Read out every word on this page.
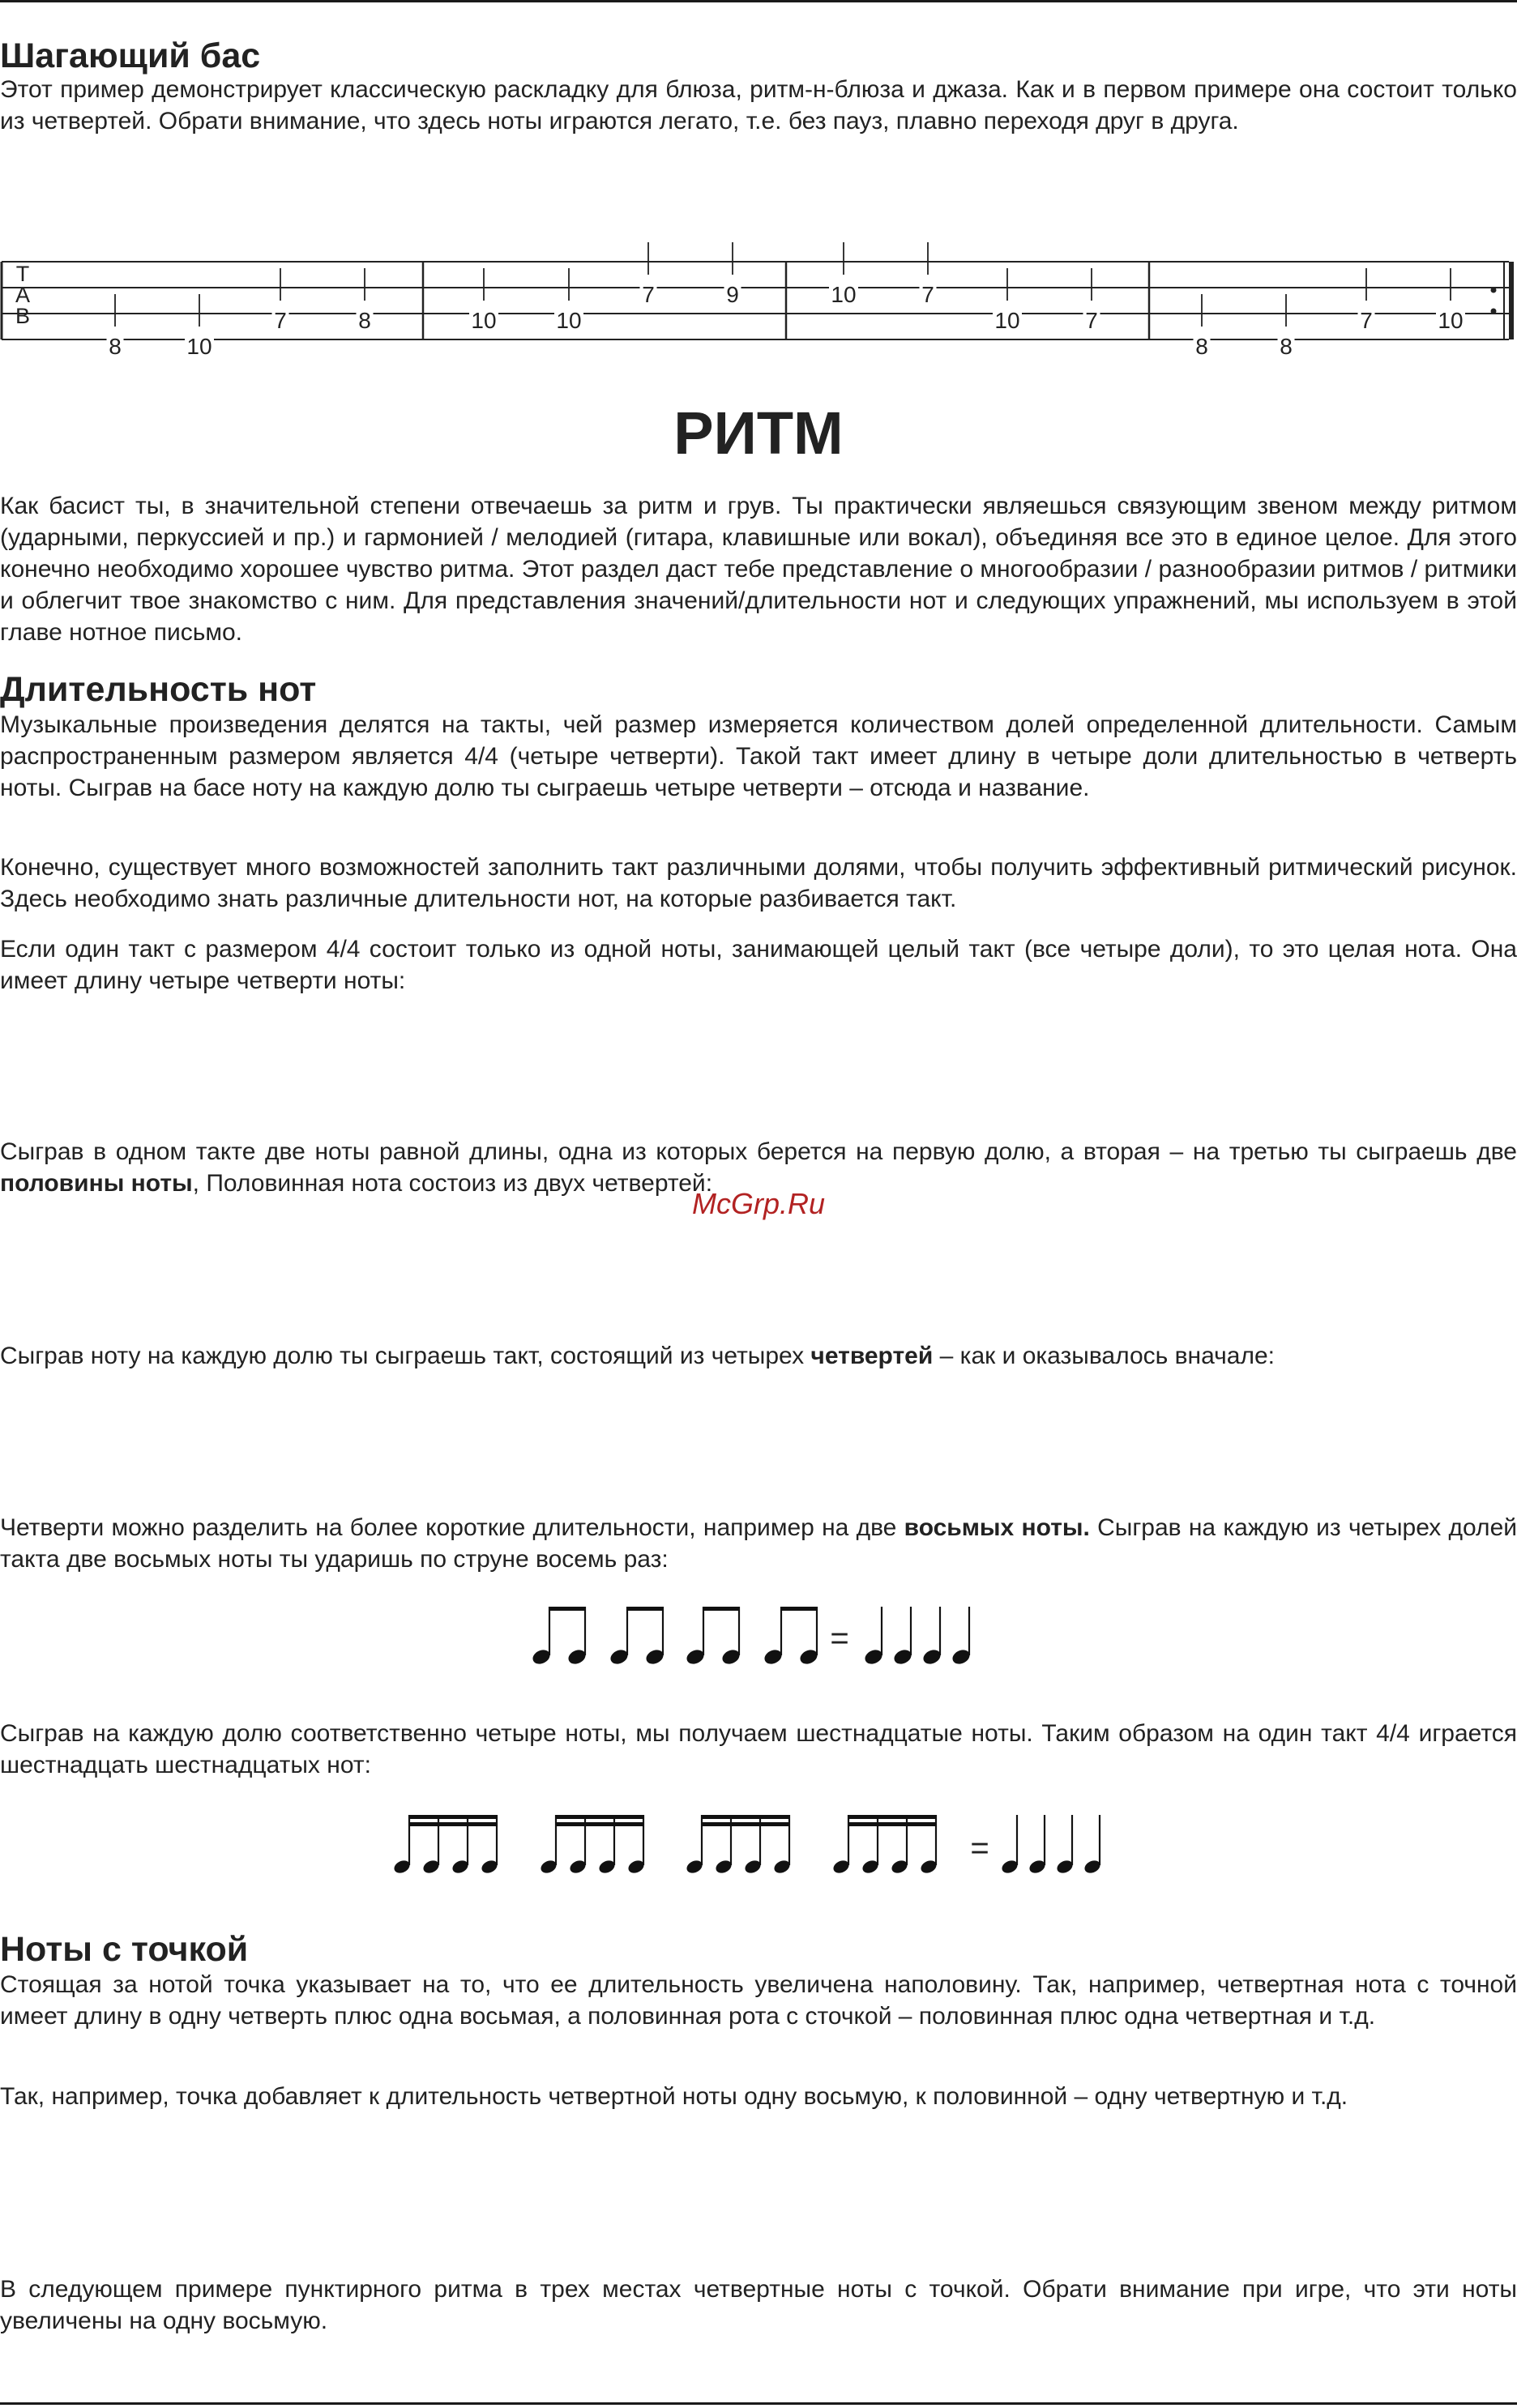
Шагающий бас

Этот пример демонстрирует классическую раскладку для блюза, ритм-н-блюза и джаза. Как и в первом примере она состоит только из четвертей. Обрати внимание, что здесь ноты играются легато, т.е. без пауз, плавно переходя друг в друга.

T
A
B
8	10
7	8	10	10
7	9	10	7
10	7
8	8
7	10
РИТМ

Как басист ты, в значительной степени отвечаешь за ритм и грув. Ты практически являешься связующим звеном между ритмом (ударными, перкуссией и пр.) и гармонией / мелодией (гитара, клавишные или вокал), объединяя все это в единое целое. Для этого конечно необходимо хорошее чувство ритма. Этот раздел даст тебе представление о многообразии / разнообразии ритмов / ритмики и облегчит твое знакомство с ним. Для представления значений/длительности нот и следующих упражнений, мы используем в этой главе нотное письмо.

Длительность нот

Музыкальные произведения делятся на такты, чей размер измеряется количеством долей определенной длительности. Самым распространенным размером является 4/4 (четыре четверти). Такой такт имеет длину в четыре доли длительностью в четверть ноты. Сыграв на басе ноту на каждую долю ты сыграешь четыре четверти – отсюда и название.

Конечно, существует много возможностей заполнить такт различными долями, чтобы получить эффективный ритмический рисунок. Здесь необходимо знать различные длительности нот, на которые разбивается такт.

Если один такт с размером 4/4 состоит только из одной ноты, занимающей целый такт (все четыре доли), то это целая нота. Она имеет длину четыре четверти ноты:

Сыграв в одном такте две ноты равной длины, одна из которых берется на первую долю, а вторая – на третью ты сыграешь две половины ноты, Половинная нота состоиз из двух четвертей:

McGrp.Ru

Сыграв ноту на каждую долю ты сыграешь такт, состоящий из четырех четвертей – как и оказывалось вначале:

Четверти можно разделить на более короткие длительности, например на две восьмых ноты. Сыграв на каждую из четырех долей такта две восьмых ноты ты ударишь по струне восемь раз:

=

Сыграв на каждую долю соответственно четыре ноты, мы получаем шестнадцатые ноты. Таким образом на один такт 4/4 играется шестнадцать шестнадцатых нот:

=
Ноты с точкой

Стоящая за нотой точка указывает на то, что ее длительность увеличена наполовину. Так, например, четвертная нота с точной имеет длину в одну четверть плюс одна восьмая, а половинная рота с сточкой – половинная плюс одна четвертная и т.д.

Так, например, точка добавляет к длительность четвертной ноты одну восьмую, к половинной – одну четвертную и т.д.

В следующем примере пунктирного ритма в трех местах четвертные ноты с точкой. Обрати внимание при игре, что эти ноты увеличены на одну восьмую.
